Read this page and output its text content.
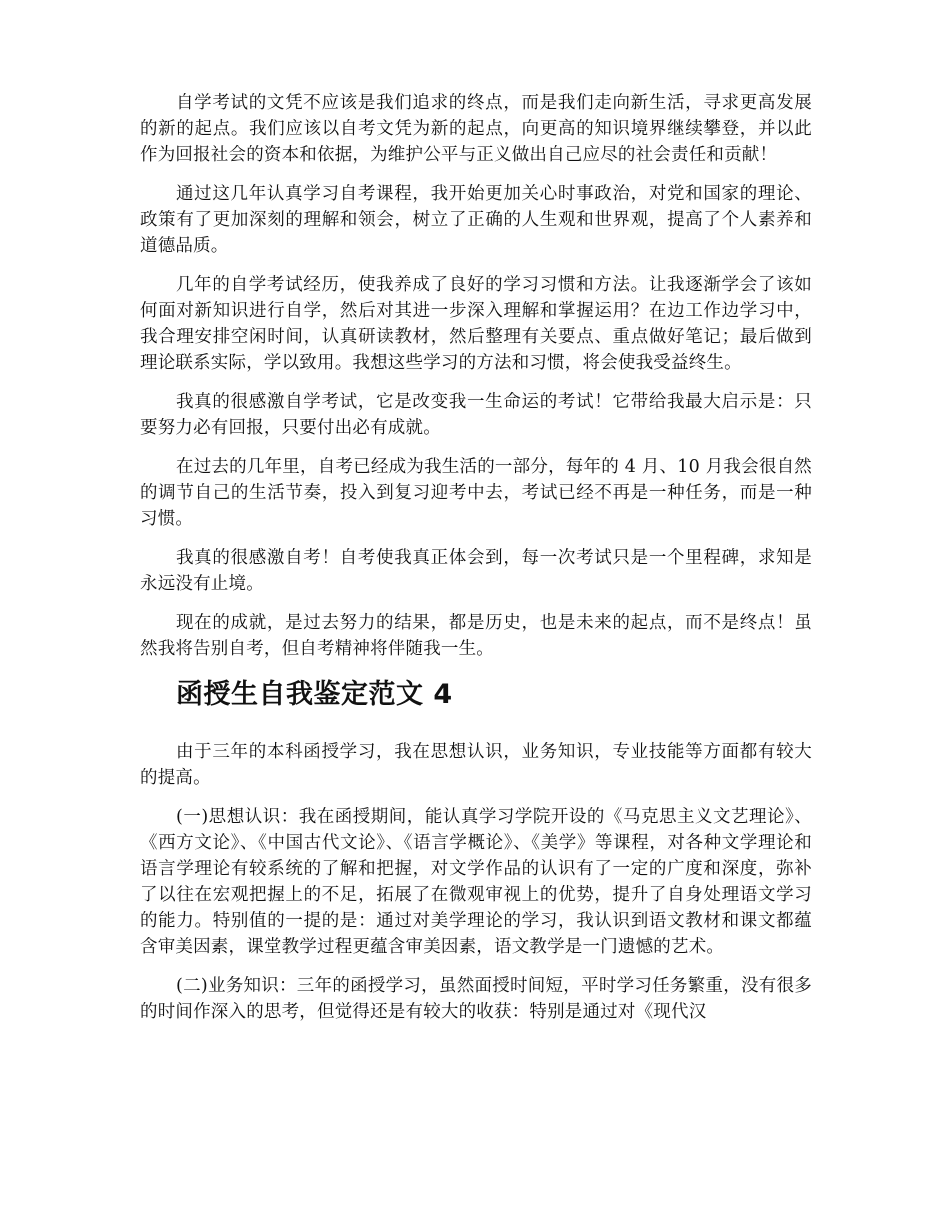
自学考试的文凭不应该是我们追求的终点，而是我们走向新生活，寻求更高发展的新的起点。我们应该以自考文凭为新的起点，向更高的知识境界继续攀登，并以此作为回报社会的资本和依据，为维护公平与正义做出自己应尽的社会责任和贡献！

通过这几年认真学习自考课程，我开始更加关心时事政治，对党和国家的理论、政策有了更加深刻的理解和领会，树立了正确的人生观和世界观，提高了个人素养和道德品质。

几年的自学考试经历，使我养成了良好的学习习惯和方法。让我逐渐学会了该如何面对新知识进行自学，然后对其进一步深入理解和掌握运用？在边工作边学习中，我合理安排空闲时间，认真研读教材，然后整理有关要点、重点做好笔记；最后做到理论联系实际，学以致用。我想这些学习的方法和习惯，将会使我受益终生。

我真的很感激自学考试，它是改变我一生命运的考试！它带给我最大启示是：只要努力必有回报，只要付出必有成就。

在过去的几年里，自考已经成为我生活的一部分，每年的 4 月、10 月我会很自然的调节自己的生活节奏，投入到复习迎考中去，考试已经不再是一种任务，而是一种习惯。

我真的很感激自考！自考使我真正体会到，每一次考试只是一个里程碑，求知是永远没有止境。

现在的成就，是过去努力的结果，都是历史，也是未来的起点，而不是终点！虽然我将告别自考，但自考精神将伴随我一生。

函授生自我鉴定范文 4

由于三年的本科函授学习，我在思想认识，业务知识，专业技能等方面都有较大的提高。

(一)思想认识：我在函授期间，能认真学习学院开设的《马克思主义文艺理论》、《西方文论》、《中国古代文论》、《语言学概论》、《美学》等课程，对各种文学理论和语言学理论有较系统的了解和把握，对文学作品的认识有了一定的广度和深度，弥补了以往在宏观把握上的不足，拓展了在微观审视上的优势，提升了自身处理语文学习的能力。特别值的一提的是：通过对美学理论的学习，我认识到语文教材和课文都蕴含审美因素，课堂教学过程更蕴含审美因素，语文教学是一门遗憾的艺术。

(二)业务知识：三年的函授学习，虽然面授时间短，平时学习任务繁重，没有很多的时间作深入的思考，但觉得还是有较大的收获：特别是通过对《现代汉
